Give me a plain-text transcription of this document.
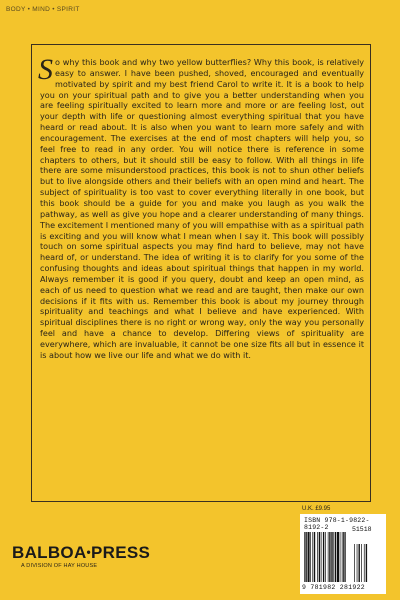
BODY • MIND • SPIRIT

So why this book and why two yellow butterflies? Why this book, is relatively easy to answer. I have been pushed, shoved, encouraged and eventually motivated by spirit and my best friend Carol to write it. It is a book to help you on your spiritual path and to give you a better understanding when you are feeling spiritually excited to learn more and more or are feeling lost, out your depth with life or questioning almost everything spiritual that you have heard or read about. It is also when you want to learn more safely and with encouragement. The exercises at the end of most chapters will help you, so feel free to read in any order. You will notice there is reference in some chapters to others, but it should still be easy to follow. With all things in life there are some misunderstood practices, this book is not to shun other beliefs but to live alongside others and their beliefs with an open mind and heart. The subject of spirituality is too vast to cover everything literally in one book, but this book should be a guide for you and make you laugh as you walk the pathway, as well as give you hope and a clearer understanding of many things. The excitement I mentioned many of you will empathise with as a spiritual path is exciting and you will know what I mean when I say it. This book will possibly touch on some spiritual aspects you may find hard to believe, may not have heard of, or understand. The idea of writing it is to clarify for you some of the confusing thoughts and ideas about spiritual things that happen in my world. Always remember it is good if you query, doubt and keep an open mind, as each of us need to question what we read and are taught, then make our own decisions if it fits with us. Remember this book is about my journey through spirituality and teachings and what I believe and have experienced. With spiritual disciplines there is no right or wrong way, only the way you personally feel and have a chance to develop. Differing views of spirituality are everywhere, which are invaluable, it cannot be one size fits all but in essence it is about how we live our life and what we do with it.

U.K. £9.95
ISBN 978-1-9822-8192-2	51518
9 781982 281922
BALBOA•PRESS
A DIVISION OF HAY HOUSE
